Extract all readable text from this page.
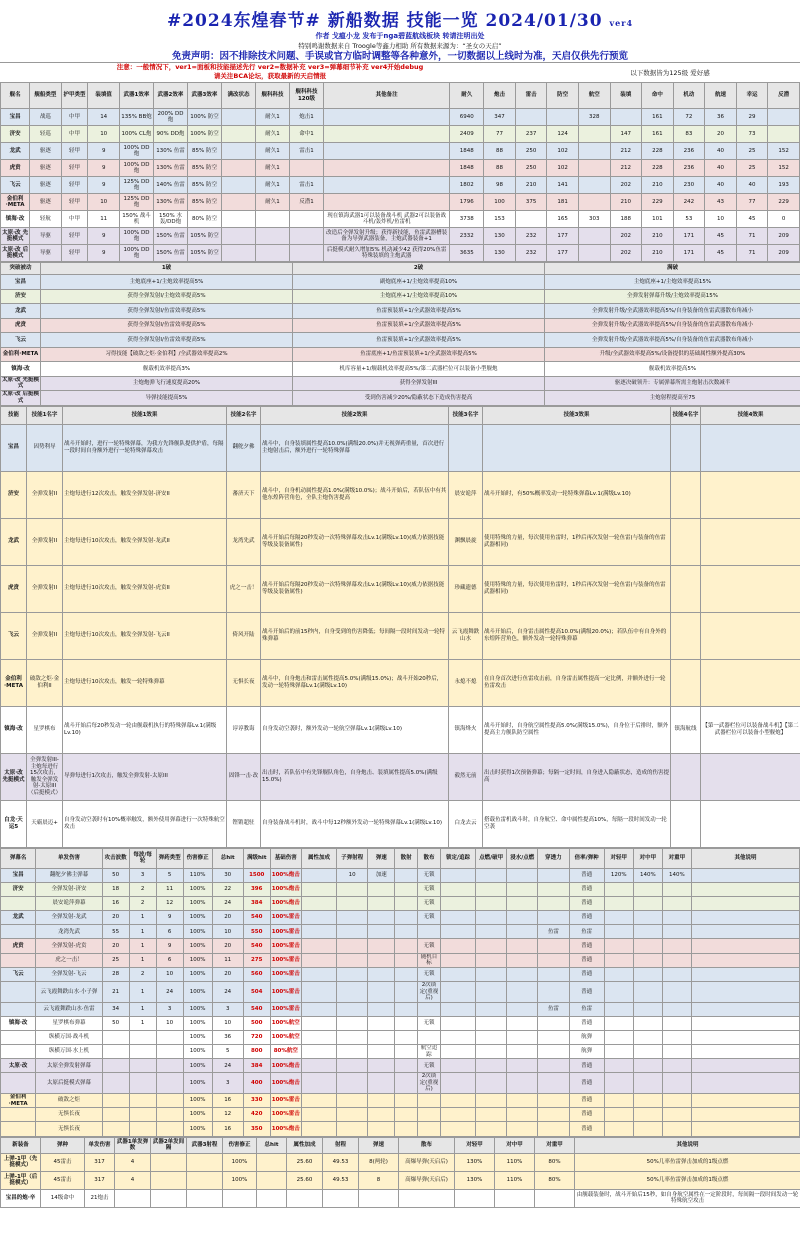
#2024东煌春节# 新船数据 技能一览 2024/01/30 ver4
作者 戈瘟小龙 发布于nga碧蓝航线板块 转请注明出处
特别鸣谢数据来自 Troogle等鑫力相助 所有数据来源为：“圣女の天启”
免责声明：因不排除技术问题、手误或官方临时调整等各种意外，一切数据以上线时为准，天启仅供先行预览
注意：一般情况下，ver1=面板和技能描述先行 ver2=数据补充 ver3=弹幕细节补充 ver4开始debug
请关注BCA论坛，获取最新的天启情报	以下数据皆为125级 爱好感
舰名	舰船类型	护甲类型	装填值	武器1效率	武器2效率	武器3效率	满改状态	舰科科技	舰科科技120级	其他备注	耐久	炮击	雷击	防空	航空	装填	命中	机动	航速	幸运	反潜
宝昌	战巡	中甲	14	135% BB炮	200% DD炮	100% 防空		耐久1	炮击1		6940	347			328		161	72	36	29	
济安	轻巡	中甲	10	100% CL炮	90% DD炮	100% 防空		耐久1	命中1		2409	77	237	124		147	161	83	20	73	
龙武	驱逐	轻甲	9	100% DD炮	130% 鱼雷	85% 防空		耐久1	雷击1		1848	88	250	102		212	228	236	40	25	152
虎贲	驱逐	轻甲	9	100% DD炮	130% 鱼雷	85% 防空		耐久1			1848	88	250	102		212	228	236	40	25	152
飞云	驱逐	轻甲	9	125% DD炮	140% 鱼雷	85% 防空		耐久1	雷击1		1802	98	210	141		202	210	230	40	40	193
金伯利·META	驱逐	轻甲	10	125% DD炮	130% 鱼雷	85% 防空		耐久1	反潜1		1796	100	375	181		210	229	242	43	77	229
镇海·改	轻航	中甲	11	150% 战斗机	150% 水轰/DD炮	80% 防空				现在镇海武器1可以装备战斗机 武器2可以装备战斗机/轰炸机/鱼雷机	3738	153		165	303	188	101	53	10	45	0
太原·改 先挺模式	导驱	轻甲	9	100% DD炮	150% 鱼雷	105% 防空				改造后全弹发射升级；获得新技能，鱼雷武器槽装备为导弹武器装备，主炮武器装备+1	2332	130	232	177		202	210	171	45	71	209
太原·改 后挺模式	导驱	轻甲	9	100% DD炮	150% 鱼雷	105% 防空				后挺模式耐久增加5% 机动减少42 获得20%鱼雷特殊装填的主炮武器	3635	130	232	177		202	210	171	45	71	209
突破被动	1破	2破	满破
宝昌	主炮底座+1/主炮效率提高5%	副炮底座+1/主炮效率提高10%	主炮底座+1/主炮效率提高15%
济安	获得全弹发射I/主炮效率提高5%	主炮底座+1/主炮效率提高10%	全弹发射弹幕升级/主炮效率提高15%
龙武	获得全弹发射I/鱼雷效率提高5%	鱼雷预装填+1/全武器效率提高5%	全弹发射升级/全武器效率提高5%/自身装备的鱼雷武器散布角减小
虎贲	获得全弹发射I/鱼雷效率提高5%	鱼雷预装填+1/全武器效率提高5%	全弹发射升级/全武器效率提高5%/自身装备的鱼雷武器散布角减小
飞云	获得全弹发射I/鱼雷效率提高5%	鱼雷预装填+1/全武器效率提高5%	全弹发射升级/全武器效率提高5%/自身装备的鱼雷武器散布角减小
金伯利·META	习得技能【破敌之炬·金伯利】/全武器效率提高2%	鱼雷底座+1/鱼雷预装填+1/全武器效率提高5%	升级/全武器效率提高5%/设备提供的基础属性额外提高30%
镇海·改	舰载机效率提高3%	机库容量+1/舰载机效率提高5%/第二武器栏位可以装备小型舰炮	舰载机效率提高5%
太原·改 先挺模式	主炮炮弹飞行速度提高20%	获得全弹发射III	驱逐决破领升：专属弹幕所需主炮射击次数减半
太原·改 后挺模式	导弹技能提高5%	受到伤害减少20%/隐蔽状态下造成伤害提高	主炮射程提高至75
技能	技能1名字	技能1效果	技能2名字	技能2效果	技能3名字	技能3效果	技能4名字	技能4效果
宝昌	因势利导	战斗开始时，进行一轮特殊弹幕，为我方先锋舰队提供护盾，每隔一段时间自身额外进行一轮特殊弹幕攻击	翻舵夕佛	战斗中，自身装填属性提高10.0%(满级20.0%)并无视弹药重量，首次进行主炮射击后，额外进行一轮特殊弹幕				
济安	全弹发射II	主炮每进行12次攻击，触发全弹发射-济安II	蕃济天下	战斗中，自身机动属性提高1.0%(满级10.0%)；战斗开始后，若队伍中有其他东煌阵营角色，全队主炮伤害提高	晨安诡萍	战斗开始时，有50%概率发动一轮特殊弹幕Lv.1(满级Lv.10)		
龙武	全弹发射II	主炮每进行10次攻击，触发全弹发射-龙武II	龙湾先武	战斗开始后每隔20秒发动一次特殊弹幕攻击Lv.1(满级Lv.10)(威力依据技能等级及装备属性)	渊飘晨旋	使用特殊的力量，每次使用鱼雷时，1秒后再次发射一轮鱼雷(与装备的鱼雷武器相同)		
虎贲	全弹发射II	主炮每进行10次攻击，触发全弹发射-虎贲II	虎之一击！	战斗开始后每隔20秒发动一次特殊弹幕攻击Lv.1(满级Lv.10)(威力依据技能等级及装备属性)	珍藏遗德	使用特殊的力量，每次使用鱼雷时，1秒后再次发射一轮鱼雷(与装备的鱼雷武器相同)		
飞云	全弹发射II	主炮每进行10次攻击，触发全弹发射-飞云II	倚风开陆	战斗开始后的前15秒内，自身受到的伤害降低；每间隔一段时间发动一轮特殊弹幕	云飞霞舞跌山水	战斗开始后，自身雷击属性提高10.0%(满级20.0%)；若队伍中有自身外的东煌阵营角色，额外发动一轮特殊弹幕		
金伯利·META	破敌之炬·金伯利II	主炮每进行10次攻击，触发一轮特殊弹幕	无惧长夜	战斗中，自身炮击和雷击属性提高5.0%(满级15.0%)；战斗开始20秒后，发动一轮特殊弹幕Lv.1(满级Lv.10)	永熄不熄	在自身首次进行鱼雷攻击前，自身雷击属性提高一定比例，并额外进行一轮鱼雷攻击		
镇海·改	星罗棋布	战斗开始后每20秒发动一轮由舰载机执行的特殊弹幕Lv.1(满级Lv.10)	谆谆教诲	自身发动空袭时，额外发动一轮航空弹幕Lv.1(满级Lv.10)	镇海烽火	战斗开始时，自身航空属性提高5.0%(满级15.0%)，自身位于后排时，额外提高主力舰队防空属性	镇海航线	【第一武器栏位可以装备战斗机】【第二武器栏位可以装备小型舰炮】
太原·改 先挺模式	全弹发射III-主炮每进行15次攻击，触发全弹发射-太原III（后挺模式）	导弹每进行1次攻击，触发全弹发射-太原III	固锋一击·改	出击时，若队伍中有先锋舰队角色，自身炮击、装填属性提高5.0%(满级15.0%)	毅然无前	出击时获得1次预备弹幕；每隔一定时间，自身进入隐蔽状态，造成的伤害提高		
白龙·天运5	天霸晨迈+	自身发动空袭时有10%概率触发，额外使用弹幕进行一次特殊航空攻击	铿锵超驻	自身装备战斗机时，战斗中每12秒额外发动一轮特殊弹幕Lv.1(满级Lv.10)	白龙去云	搭载鱼雷机战斗时，自身航空、命中属性提高10%，每隔一段时间发动一轮空袭		
弹幕名	单发伤害	攻击波数	每波/每轮	弹药类型	伤害修正	总hit	满级hit	基础伤害	属性加成	子弹射程	弹速	散射	散布	锁定/追踪	点燃/破甲	浸水/点燃	穿透力	倍率/弹种	对轻甲	对中甲	对重甲	其他说明
宝昌	翻舵夕佛主弹幕	50	3	5	110%	30	1500	100%炮击		10	加速		无锁					普通	120%	140%	140%	
济安	全弹发射-济安	18	2	11	100%	22	396	100%炮击					无锁					普通				
	晨安诡萍弹幕	16	2	12	100%	24	384	100%炮击					无锁					普通				
龙武	全弹发射-龙武	20	1	9	100%	20	540	100%雷击					无锁					普通				
	龙湾先武	55	1	6	100%	10	550	100%雷击									鱼雷	鱼雷				
虎贲	全弹发射-虎贲	20	1	9	100%	20	540	100%雷击					无锁					普通				
	虎之一击！	25	1	6	100%	11	275	100%雷击					随机目标					普通				
飞云	全弹发射-飞云	28	2	10	100%	20	560	100%雷击					无锁					普通				
	云飞霞舞跌山水·小子弹	21	1	24	100%	24	504	100%雷击					2次锁定(重视后)					普通				
	云飞霞舞跌山水·鱼雷	34	1	3	100%	3	540	100%雷击									鱼雷	鱼雷				
镇海·改	星罗棋布弹幕	50	1	10	100%	10	500	100%航空					无锁					普通				
	纵横万国·战斗机				100%	36	720	100%航空										航弹				
	纵横万国·水上机				100%	5	800	80%航空					航空追踪					航弹				
太原·改	太原全弹发射弹幕				100%	24	384	100%炮击					无锁					普通				
	太原后挺模式弹幕				100%	3	400	100%炮击					2次锁定(重视后)					普通				
金伯利·META	破敌之炬				100%	16	330	100%雷击										普通				
	无惧长夜				100%	12	420	100%雷击										普通				
	无惧长夜				100%	16	350	100%炮击										普通				
新装备	弹种	单发伤害	武器1单发弹数	武器2单发间隔	武器3射程	伤害修正	总hit	属性加成	射程	弹速	散布	对轻甲	对中甲	对重甲	其他说明
上弹-1甲（先挺模式）	45雷击	317	4			100%		25.60	49.53	8(两轮)	高爆导弹(天启后)	130%	110%	80%	50%几率鱼雷弹击加成的1级点燃
上弹-1甲（后挺模式）	45雷击	317	4			100%		25.60	49.53	8	高爆导弹(天启后)	130%	110%	80%	50%几率鱼雷弹击加成的1级点燃
宝昌的炮·辛	14级命中	21炮击													由舰载装备时，战斗开始后15秒，如自身航空属性在一定阶段时，每间隔一段时间发动一轮特殊航空攻击
